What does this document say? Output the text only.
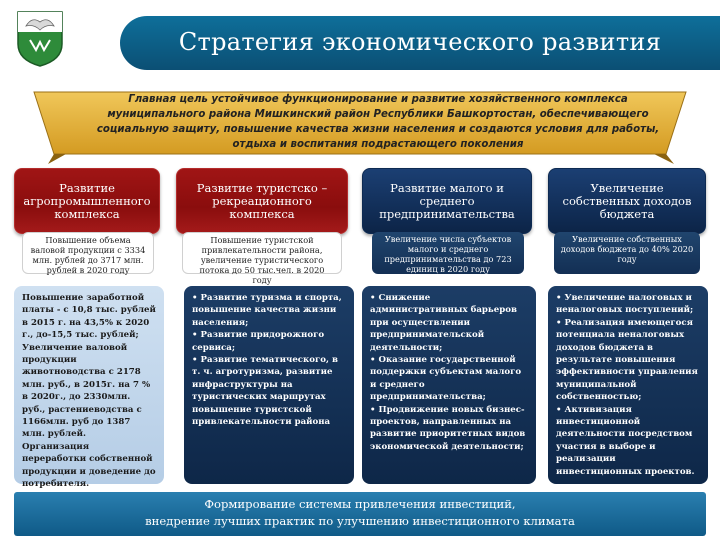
Стратегия экономического развития
Главная цель устойчивое функционирование и развитие хозяйственного комплекса муниципального района Мишкинский район Республики Башкортостан, обеспечивающего социальную защиту, повышение качества жизни населения и создаются условия для работы, отдыха и воспитания подрастающего поколения
Развитие агропромышленного комплекса
Повышение объема валовой продукции с 3334 млн. рублей до 3717 млн. рублей в 2020 году
Повышение заработной платы - с 10,8 тыс. рублей в 2015 г. на 43,5% к 2020 г., до-15,5 тыс. рублей;
Увеличение валовой продукции животноводства с 2178 млн. руб., в 2015г. на 7 % в 2020г., до 2330млн. руб., растениеводства с 1166млн. руб до 1387 млн. рублей.
Организация переработки собственной продукции и доведение до потребителя.
Развитие туристско – рекреационного комплекса
Повышение туристской привлекательности района, увеличение туристического потока до 50 тыс.чел. в 2020 году
• Развитие туризма и спорта, повышение качества жизни населения;
• Развитие придорожного сервиса;
• Развитие тематического, в т. ч. агротуризма, развитие инфраструктуры на туристических маршрутах повышение туристской привлекательности района
Развитие малого и среднего предпринимательства
Увеличение числа субъектов малого и среднего предпринимательства до 723 единиц в 2020 году
• Снижение административных барьеров при осуществлении предпринимательской деятельности;
• Оказание государственной поддержки субъектам малого и среднего предпринимательства;
• Продвижение новых бизнес-проектов, направленных на развитие приоритетных видов экономической деятельности;
Увеличение собственных доходов бюджета
Увеличение собственных доходов бюджета до 40% 2020 году
• Увеличение налоговых и неналоговых поступлений;
• Реализация имеющегося потенциала неналоговых доходов бюджета в результате повышения эффективности управления муниципальной собственностью;
• Активизация инвестиционной деятельности посредством участия в выборе и реализации инвестиционных проектов.
Формирование системы привлечения инвестиций,
внедрение лучших практик по улучшению инвестиционного климата
